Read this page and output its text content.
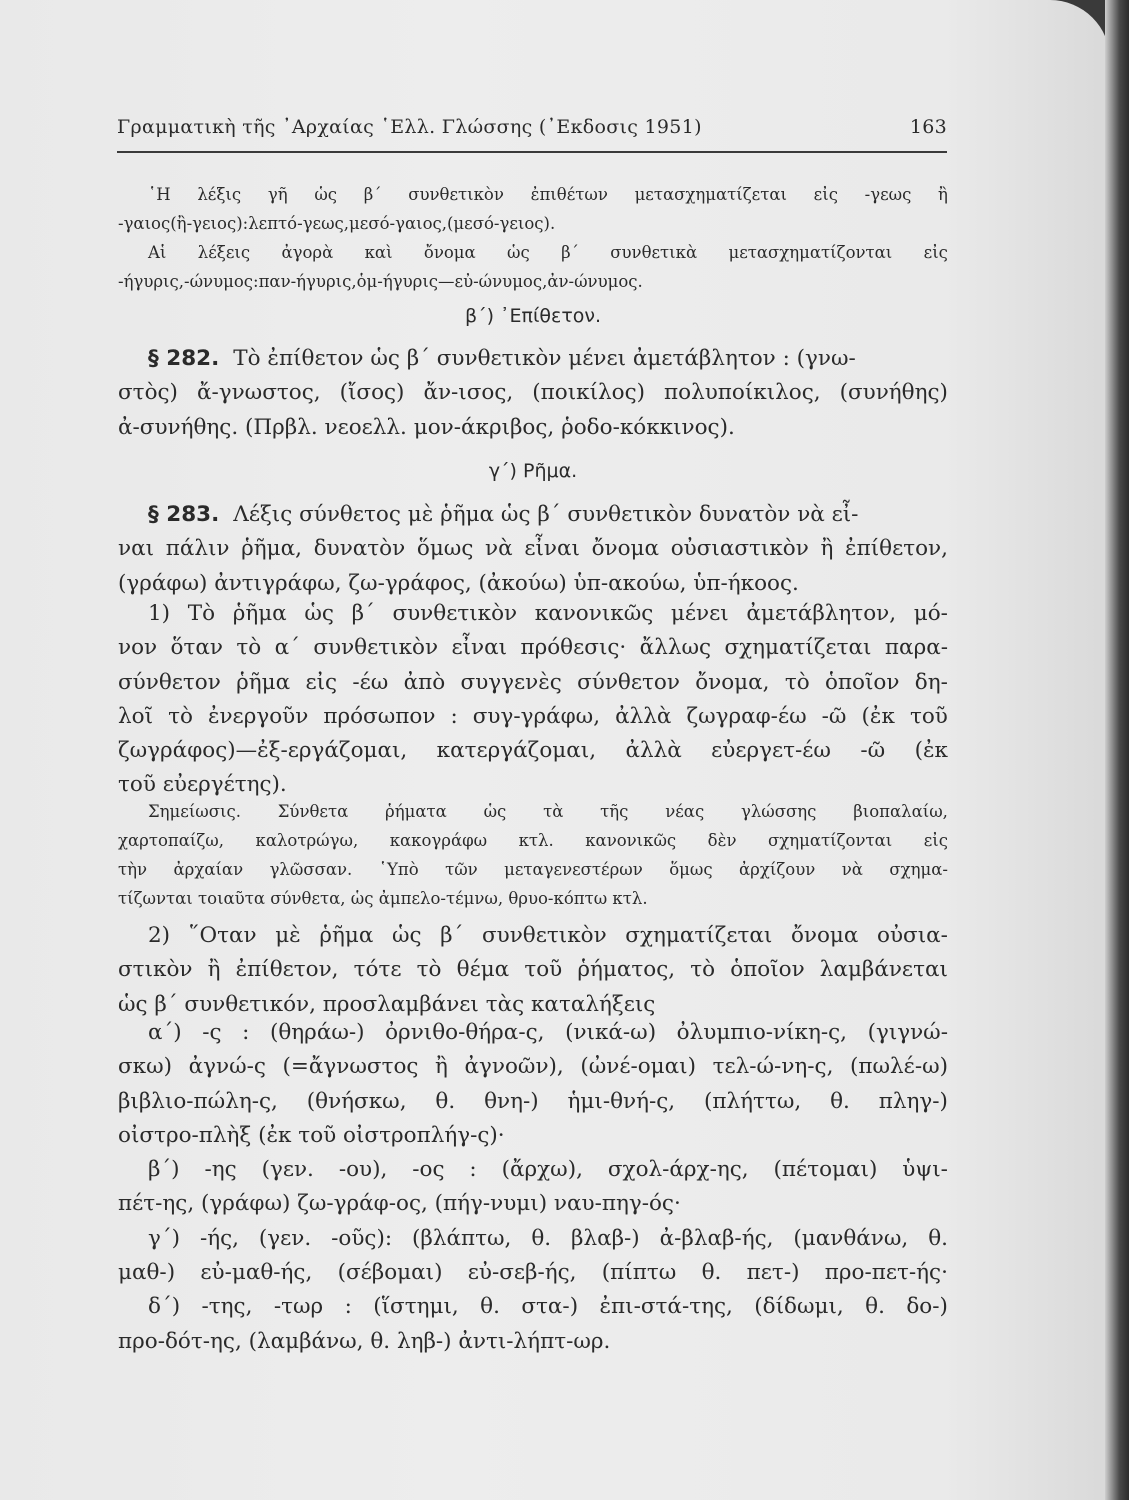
Γραμματικὴ τῆς ᾿Αρχαίας ῾Ελλ. Γλώσσης (᾿Εκδοσις 1951)	163
῾Η λέξις γῆ ὡς β΄ συνθετικὸν ἐπιθέτων μετασχηματίζεται εἰς -γεως ἢ
-γαιος (ἢ -γειος): λεπτό-γεως, μεσό-γαιος, (μεσό-γειος).
Αἱ λέξεις ἀγορὰ καὶ ὄνομα ὡς β΄ συνθετικὰ μετασχηματίζονται εἰς
-ήγυρις, -ώνυμος: παν-ήγυρις, ὁμ-ήγυρις—εὐ-ώνυμος, ἀν-ώνυμος.
β΄) ᾿Επίθετον.
§ 282. Τὸ ἐπίθετον ὡς β΄ συνθετικὸν μένει ἀμετάβλητον : (γνω-
στὸς) ἄ-γνωστος, (ἴσος) ἄν-ισος, (ποικίλος) πολυποίκιλος, (συνήθης)
ἀ-συνήθης. (Πρβλ. νεοελλ. μον-άκριβος, ῥοδο-κόκκινος).
γ΄) Ρῆμα.
§ 283. Λέξις σύνθετος μὲ ῥῆμα ὡς β΄ συνθετικὸν δυνατὸν νὰ εἶ-
ναι πάλιν ῥῆμα, δυνατὸν ὅμως νὰ εἶναι ὄνομα οὐσιαστικὸν ἢ ἐπίθετον,
(γράφω) ἀντιγράφω, ζω-γράφος, (ἀκούω) ὑπ-ακούω, ὑπ-ήκοος.
1) Τὸ ῥῆμα ὡς β΄ συνθετικὸν κανονικῶς μένει ἀμετάβλητον, μό-
νον ὅταν τὸ α΄ συνθετικὸν εἶναι πρόθεσις· ἄλλως σχηματίζεται παρα-
σύνθετον ῥῆμα εἰς -έω ἀπὸ συγγενὲς σύνθετον ὄνομα, τὸ ὁποῖον δη-
λοῖ τὸ ἐνεργοῦν πρόσωπον : συγ-γράφω, ἀλλὰ ζωγραφ-έω -ῶ (ἐκ τοῦ
ζωγράφος)—ἐξ-εργάζομαι, κατεργάζομαι, ἀλλὰ εὐεργετ-έω -ῶ (ἐκ
τοῦ εὐεργέτης).
Σημείωσις. Σύνθετα ῥήματα ὡς τὰ τῆς νέας γλώσσης βιοπαλαίω,
χαρτοπαίζω, καλοτρώγω, κακογράφω κτλ. κανονικῶς δὲν σχηματίζονται εἰς
τὴν ἀρχαίαν γλῶσσαν. ῾Υπὸ τῶν μεταγενεστέρων ὅμως ἀρχίζουν νὰ σχημα-
τίζωνται τοιαῦτα σύνθετα, ὡς ἀμπελο-τέμνω, θρυο-κόπτω κτλ.
2) ῞Οταν μὲ ῥῆμα ὡς β΄ συνθετικὸν σχηματίζεται ὄνομα οὐσια-
στικὸν ἢ ἐπίθετον, τότε τὸ θέμα τοῦ ῥήματος, τὸ ὁποῖον λαμβάνεται
ὡς β΄ συνθετικόν, προσλαμβάνει τὰς καταλήξεις
α΄) -ς : (θηράω-) ὀρνιθο-θήρα-ς, (νικά-ω) ὀλυμπιο-νίκη-ς, (γιγνώ-
σκω) ἀγνώ-ς (=ἄγνωστος ἢ ἀγνοῶν), (ὠνέ-ομαι) τελ-ώ-νη-ς, (πωλέ-ω)
βιβλιο-πώλη-ς, (θνήσκω, θ. θνη-) ἡμι-θνή-ς, (πλήττω, θ. πληγ-)
οἰστρο-πλὴξ (ἐκ τοῦ οἰστροπλήγ-ς)·
β΄) -ης (γεν. -ου), -ος : (ἄρχω), σχολ-άρχ-ης, (πέτομαι) ὑψι-
πέτ-ης, (γράφω) ζω-γράφ-ος, (πήγ-νυμι) ναυ-πηγ-ός·
γ΄) -ής, (γεν. -οῦς): (βλάπτω, θ. βλαβ-) ἀ-βλαβ-ής, (μανθάνω, θ.
μαθ-) εὐ-μαθ-ής, (σέβομαι) εὐ-σεβ-ής, (πίπτω θ. πετ-) προ-πετ-ής·
δ΄) -της, -τωρ : (ἵστημι, θ. στα-) ἐπι-στά-της, (δίδωμι, θ. δο-)
προ-δότ-ης, (λαμβάνω, θ. ληβ-) ἀντι-λήπτ-ωρ.
